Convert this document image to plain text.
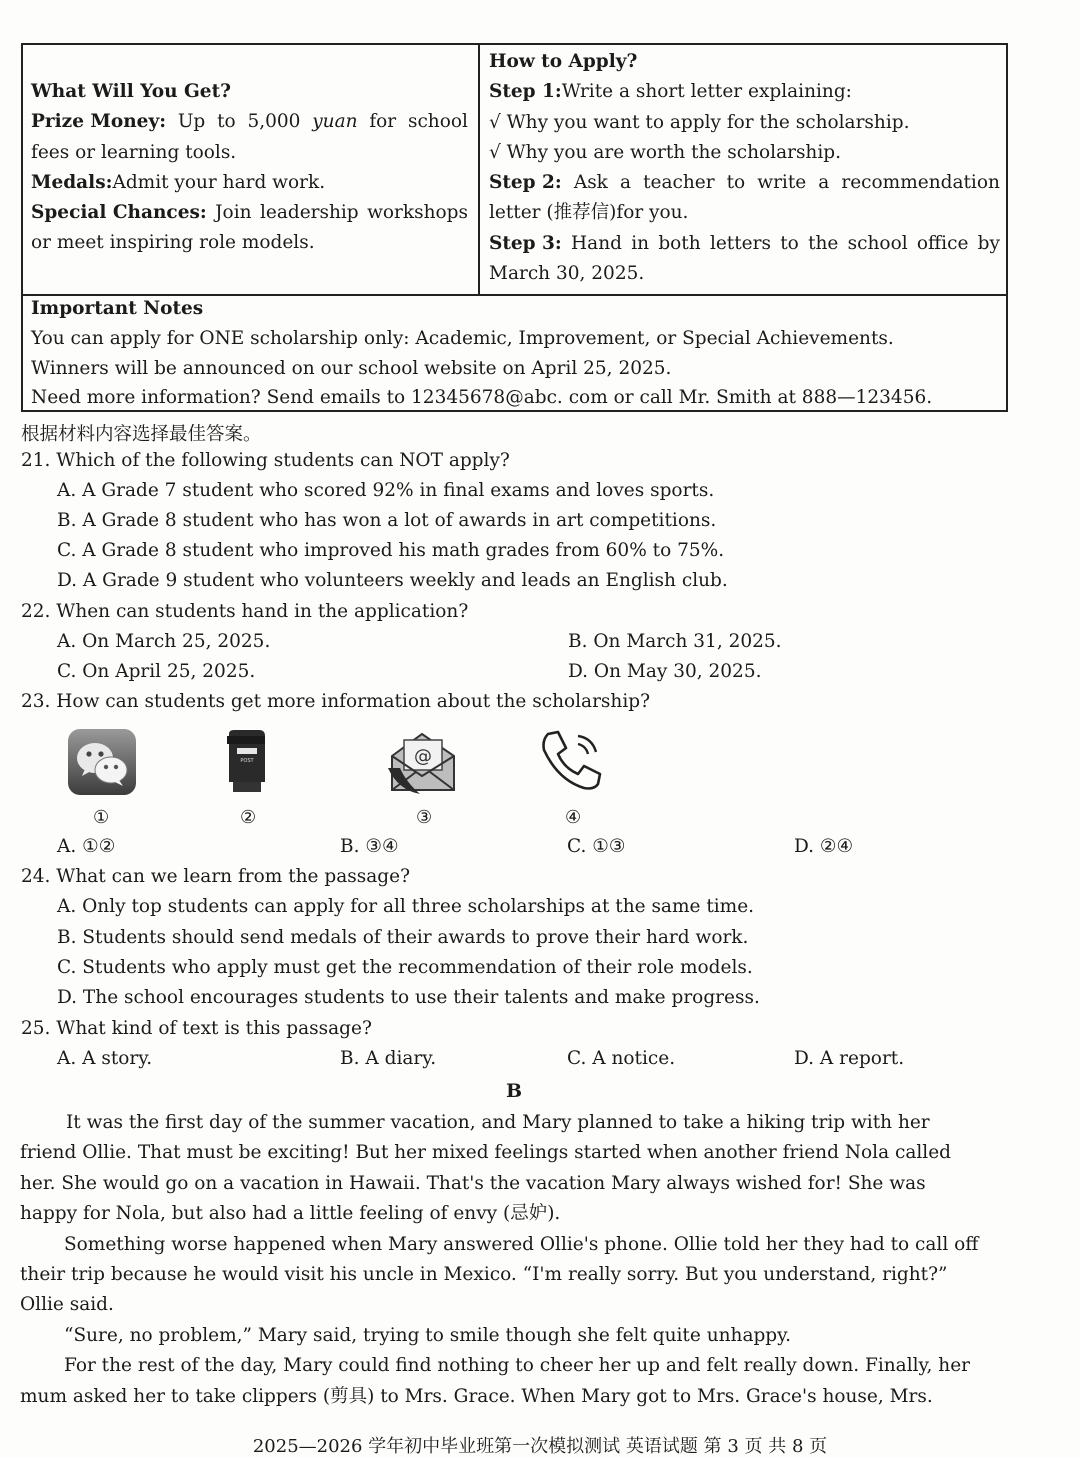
What Will You Get?
Prize Money: Up to 5,000 yuan for school
fees or learning tools.
Medals:Admit your hard work.
Special Chances: Join leadership workshops
or meet inspiring role models.
How to Apply?
Step 1:Write a short letter explaining:
√ Why you want to apply for the scholarship.
√ Why you are worth the scholarship.
Step 2: Ask a teacher to write a recommendation
letter (推荐信)for you.
Step 3: Hand in both letters to the school office by
March 30, 2025.
Important Notes
You can apply for ONE scholarship only: Academic, Improvement, or Special Achievements.
Winners will be announced on our school website on April 25, 2025.
Need more information? Send emails to 12345678@abc. com or call Mr. Smith at 888—123456.
根据材料内容选择最佳答案。
21. Which of the following students can NOT apply?
A. A Grade 7 student who scored 92% in final exams and loves sports.
B. A Grade 8 student who has won a lot of awards in art competitions.
C. A Grade 8 student who improved his math grades from 60% to 75%.
D. A Grade 9 student who volunteers weekly and leads an English club.
22. When can students hand in the application?
A. On March 25, 2025.	B. On March 31, 2025.
C. On April 25, 2025.	D. On May 30, 2025.
23. How can students get more information about the scholarship?
POST	@
①	②	③	④
A. ①②	B. ③④	C. ①③	D. ②④
24. What can we learn from the passage?
A. Only top students can apply for all three scholarships at the same time.
B. Students should send medals of their awards to prove their hard work.
C. Students who apply must get the recommendation of their role models.
D. The school encourages students to use their talents and make progress.
25. What kind of text is this passage?
A. A story.	B. A diary.	C. A notice.	D. A report.
B
It was the first day of the summer vacation, and Mary planned to take a hiking trip with her
friend Ollie. That must be exciting! But her mixed feelings started when another friend Nola called
her. She would go on a vacation in Hawaii. That's the vacation Mary always wished for! She was
happy for Nola, but also had a little feeling of envy (忌妒).
Something worse happened when Mary answered Ollie's phone. Ollie told her they had to call off
their trip because he would visit his uncle in Mexico. “I'm really sorry. But you understand, right?”
Ollie said.
“Sure, no problem,” Mary said, trying to smile though she felt quite unhappy.
For the rest of the day, Mary could find nothing to cheer her up and felt really down. Finally, her
mum asked her to take clippers (剪具) to Mrs. Grace. When Mary got to Mrs. Grace's house, Mrs.
2025—2026 学年初中毕业班第一次模拟测试 英语试题 第 3 页 共 8 页
